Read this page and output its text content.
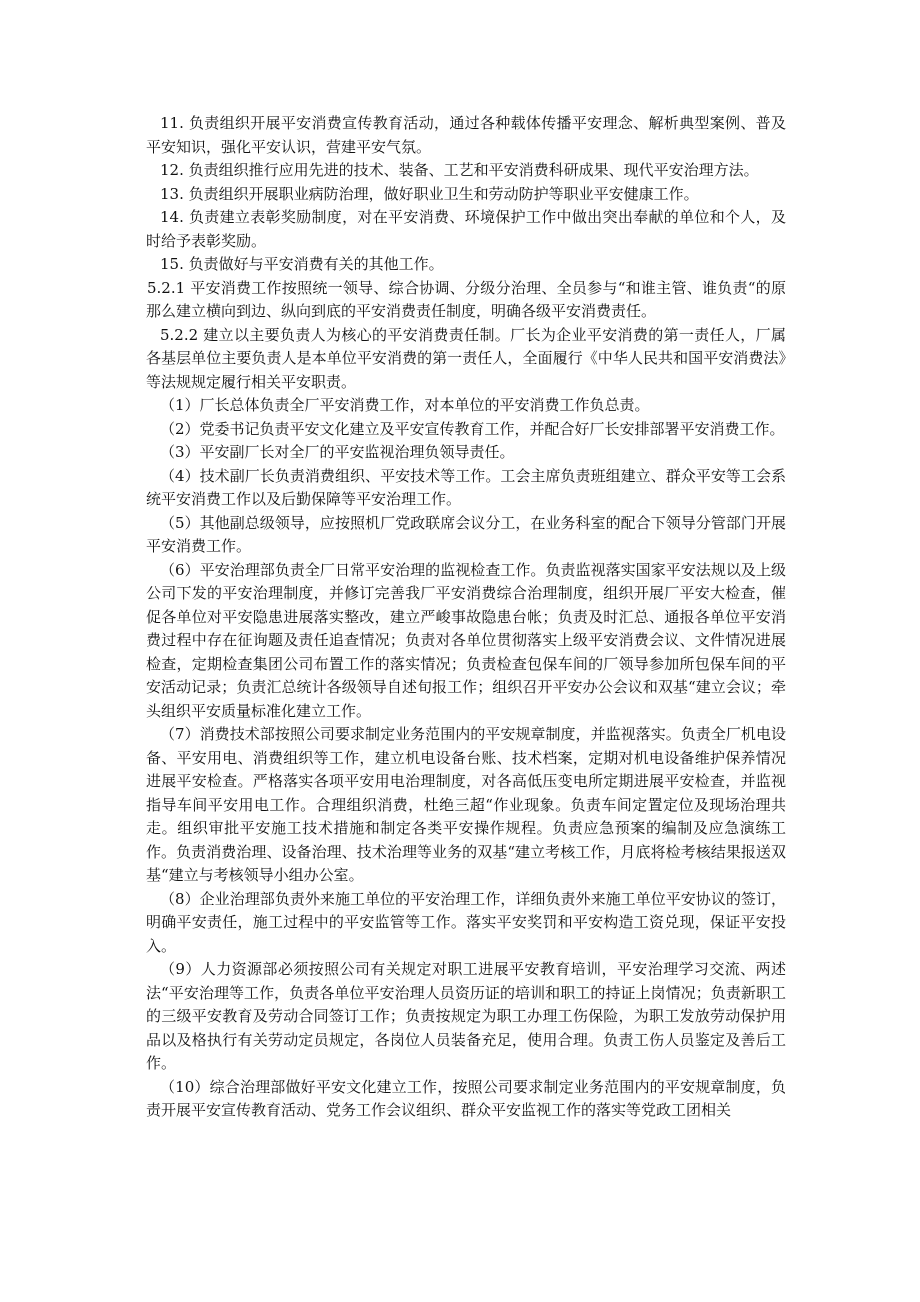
11. 负责组织开展平安消费宣传教育活动，通过各种载体传播平安理念、解析典型案例、普及平安知识，强化平安认识，营建平安气氛。

12. 负责组织推行应用先进的技术、装备、工艺和平安消费科研成果、现代平安治理方法。

13. 负责组织开展职业病防治理，做好职业卫生和劳动防护等职业平安健康工作。

14. 负责建立表彰奖励制度，对在平安消费、环境保护工作中做出突出奉献的单位和个人，及时给予表彰奖励。

15. 负责做好与平安消费有关的其他工作。

5.2.1 平安消费工作按照统一领导、综合协调、分级分治理、全员参与“和谁主管、谁负责“的原那么建立横向到边、纵向到底的平安消费责任制度，明确各级平安消费责任。

5.2.2 建立以主要负责人为核心的平安消费责任制。厂长为企业平安消费的第一责任人，厂属各基层单位主要负责人是本单位平安消费的第一责任人，全面履行《中华人民共和国平安消费法》等法规规定履行相关平安职责。

（1）厂长总体负责全厂平安消费工作，对本单位的平安消费工作负总责。

（2）党委书记负责平安文化建立及平安宣传教育工作，并配合好厂长安排部署平安消费工作。

（3）平安副厂长对全厂的平安监视治理负领导责任。

（4）技术副厂长负责消费组织、平安技术等工作。工会主席负责班组建立、群众平安等工会系统平安消费工作以及后勤保障等平安治理工作。

（5）其他副总级领导，应按照机厂党政联席会议分工，在业务科室的配合下领导分管部门开展平安消费工作。

（6）平安治理部负责全厂日常平安治理的监视检查工作。负责监视落实国家平安法规以及上级公司下发的平安治理制度，并修订完善我厂平安消费综合治理制度，组织开展厂平安大检查，催促各单位对平安隐患进展落实整改，建立严峻事故隐患台帐；负责及时汇总、通报各单位平安消费过程中存在征询题及责任追查情况；负责对各单位贯彻落实上级平安消费会议、文件情况进展检查，定期检查集团公司布置工作的落实情况；负责检查包保车间的厂领导参加所包保车间的平安活动记录；负责汇总统计各级领导自述旬报工作；组织召开平安办公会议和双基“建立会议；牵头组织平安质量标准化建立工作。

（7）消费技术部按照公司要求制定业务范围内的平安规章制度，并监视落实。负责全厂机电设备、平安用电、消费组织等工作，建立机电设备台账、技术档案，定期对机电设备维护保养情况进展平安检查。严格落实各项平安用电治理制度，对各高低压变电所定期进展平安检查，并监视指导车间平安用电工作。合理组织消费，杜绝三超“作业现象。负责车间定置定位及现场治理共走。组织审批平安施工技术措施和制定各类平安操作规程。负责应急预案的编制及应急演练工作。负责消费治理、设备治理、技术治理等业务的双基“建立考核工作，月底将检考核结果报送双基“建立与考核领导小组办公室。

（8）企业治理部负责外来施工单位的平安治理工作，详细负责外来施工单位平安协议的签订，明确平安责任，施工过程中的平安监管等工作。落实平安奖罚和平安构造工资兑现，保证平安投入。

（9）人力资源部必须按照公司有关规定对职工进展平安教育培训，平安治理学习交流、两述法“平安治理等工作，负责各单位平安治理人员资历证的培训和职工的持证上岗情况；负责新职工的三级平安教育及劳动合同签订工作；负责按规定为职工办理工伤保险，为职工发放劳动保护用品以及格执行有关劳动定员规定，各岗位人员装备充足，使用合理。负责工伤人员鉴定及善后工作。

（10）综合治理部做好平安文化建立工作，按照公司要求制定业务范围内的平安规章制度，负责开展平安宣传教育活动、党务工作会议组织、群众平安监视工作的落实等党政工团相关
